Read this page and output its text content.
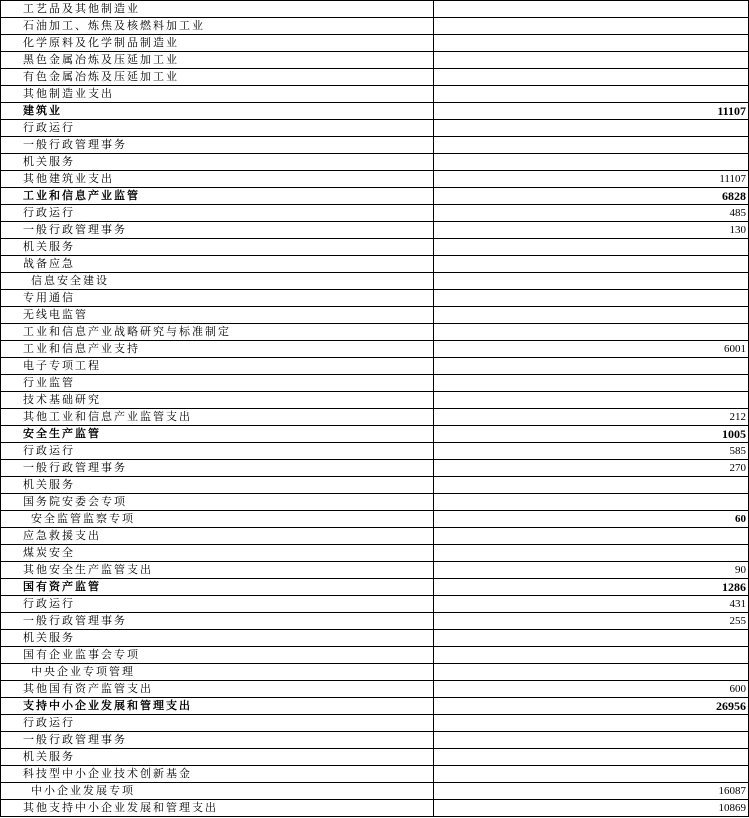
工艺品及其他制造业	
石油加工、炼焦及核燃料加工业	
化学原料及化学制品制造业	
黑色金属冶炼及压延加工业	
有色金属冶炼及压延加工业	
其他制造业支出	
建筑业	11107
行政运行	
一般行政管理事务	
机关服务	
其他建筑业支出	11107
工业和信息产业监管	6828
行政运行	485
一般行政管理事务	130
机关服务	
战备应急	
信息安全建设	
专用通信	
无线电监管	
工业和信息产业战略研究与标准制定	
工业和信息产业支持	6001
电子专项工程	
行业监管	
技术基础研究	
其他工业和信息产业监管支出	212
安全生产监管	1005
行政运行	585
一般行政管理事务	270
机关服务	
国务院安委会专项	
安全监管监察专项	60
应急救援支出	
煤炭安全	
其他安全生产监管支出	90
国有资产监管	1286
行政运行	431
一般行政管理事务	255
机关服务	
国有企业监事会专项	
中央企业专项管理	
其他国有资产监管支出	600
支持中小企业发展和管理支出	26956
行政运行	
一般行政管理事务	
机关服务	
科技型中小企业技术创新基金	
中小企业发展专项	16087
其他支持中小企业发展和管理支出	10869
